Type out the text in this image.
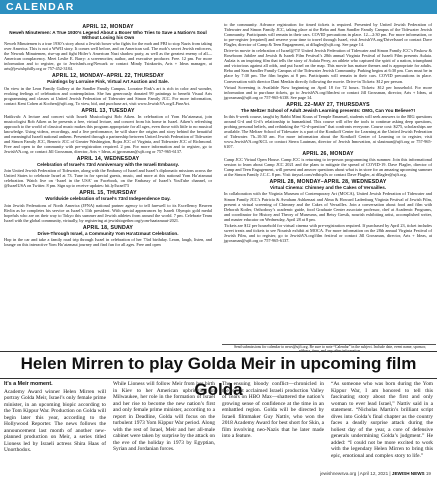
CALENDAR
APRIL 12, MONDAY
Neweh Minutemen: A True 1930’s Legend About a Boxer Who Tries to Save a Nation’s Soul Without Losing his Own

Neweh Minutemen is a true 1930’s story about a Jewish boxer who fights for the mob and FBI to stop Nazis from taking over America. This is not a WWII story. It comes well before, and on American soil. The mob’s secret Jewish enforcers, the Newark Minutemen, rise-up and fight Hitler’s American Nazi shadow party, as well as the greatest enemy of all—American complacency. Meet Leslie E. Barry: a screenwriter, author, and executive producer. Free. 12 pm. For more information and to register, go to Jewishnfs.org/Newark or contact Mindy Tsinkavits, Arts + Ideas manager, at arts@jewishphilly.org or 757-452-3184.

APRIL 12, MONDAY–APRIL 22, THURSDAY
Paintings by Lorraine Fink, Virtual Art Auction and Sale.

On view in the Leon Family Gallery at the Sandler Family Campus. Lorraine Fink’s art is rich in color and wonder, evoking feelings of celebration and contemplation. She has generously donated 99 paintings to benefit Visual Arts programming and classes at United Jewish Federation of Tidewater and Simon Family JCC. For more information, contact Kent Cohen at Kcohen@ujft.org. To view, bid, and purchase art, visit www.JewishVA.org/LFineArt.

APRIL 13, TUESDAY

Hatikvah: A lecture and concert with Israeli Musicologist Rob Aiken. In celebration of Yom Ha’atzmaut, join musicologist Rob Aiken as he presents a free, virtual lecture, and concert from his home in Israel. Aiken’s refreshing approach to the world of classical music makes this program appropriate for all ages, even those with little to no musical knowledge. Using videos, recordings, and a live performance, he will share the origins and story behind the beautiful and meaningful Israeli national anthem. Presented through a partnership between United Jewish Federation of Tidewater and Simon Family JCC, Beneric JCC of Greater Washington, Rojas JCC of Virginia, and Tidewater JCC of Richmond. Free and open to the community with pre-registration required. 2 pm. For more information and to register, go to JewishVA.org, or contact Jill Grossman, director, Arts + Ideas, at jgrossman@ujft.org or 757-965-6137.

APRIL 14, WEDNESDAY
Celebration of Israel’s 73rd Anniversary with the Israeli Embassy.

Join United Jewish Federation of Tidewater, along with the Embassy of Israel and Israel’s diplomatic missions across the United States to celebrate Israel at 73. Tune in for special guests, music, and more at this national Yom Ha’atzmaut celebration. Watch live on ‘Israel in the USA’ on Facebook, on the Embassy of Israel’s YouTube channel, or @IsraelUSA on Twitter. 8 pm. Sign up to receive updates: bit.ly/Israel73

APRIL 15, THURSDAY
Worldwide celebration of Israel’s 73rd Independence Day.

Join Jewish Federations of North America (JFNA) national partner agency to tell farewell to its Excellency Reuven Rivlin as he completes his service as Israel’s 11th president. With special appearances by Israeli Olympic gold medal hopefuls who are on their way to Tokyo this summer and Jewish athletes from around the world. 7 pm. Celebrate Team Israel with the global community, virtually, by registering at jewishtogether.org/yom-haatzmaut-2021.

APRIL 18, SUNDAY
Drive-Through Israel, a Community Yom Ha’atzmaut Celebration.

Hop in the car and take a family road trip through Israel in celebration of her 73rd birthday. Learn, laugh, listen, and lounge on this interactive Yom Ha’atzmaut journey and find fun for all ages. Free and open

to the community. Advance registration for timed tickets is required. Presented by United Jewish Federation of Tidewater and Simon Family JCC, taking place at the Reba and Sam Sandler Family Campus of the Tidewater Jewish Community. Participants will remain in their cars. COVID precautions in place. 12—2:30 pm. For more information, or to pre-register (required) and reserve your time to travel through Israel, visit JewishVA.org/DriveIsrael or contact Dave Flagler, director of Camp & Teen Engagement, at dflagler@ujft.org. See page 14.

Drive-in movie in celebration of Israel@73! United Jewish Federation of Tidewater and Simon Family JCC’s Paskow & Roseboom Jubilee and Jewish & Israeli Film Festival’s 28th annual Virginia Festival of Israeli Film presents Aulaia. Aulaia is an inspiring film that tells the story of Aulaia Perry, an athlete who captured the spirit of a nation, triumphant and victorious against all odds, and put Israel on the map. This movie has mature themes and is appropriate for adults. Reba and Sam Sandler Family Campus of the Tidewater Jewish Community. Parking begins at 6:30 pm. Cars must be in place by 7:30 pm. The film begins at 8 pm. Participants will remain in their cars. COVID precautions in place. Conversation with director Dani Menkin directly following the movie. Drive-in Tickets: $12 per person.

Virtual Screening is Available Now beginning on April 18 for 72 hours. Tickets: $12 per household. For more information and to purchase tickets, go to JewishVA.org/filmfest or contact Jill Grossman, director, Arts + Ideas, at jgrossman@ujft.org or 757-965-6138. See page 14.

APRIL 22–MAY 27, THURSDAYS
The Meltzer School of Adult Jewish Learning presents: OMG, Can You Believe?!

In this 6-week course, taught by Rabbi Mimi Kraus of Temple Emanuel, students will seek answers to the BIG questions around G-d and G-d’s relationship to humankind. This course will offer the tools to continue asking deep questions, probing personal beliefs, and rethinking the “G-d-question” that confronts everyone. Course cost: $275, scholarships are available. The Meltzer School of Tidewater is a part of the Konikoff Center for Learning at the United Jewish Federation of Tidewater. 7h–10:30 am. For more information about the Konikoff Center of Learning or to register, visit www.JewishVA.org/KCL or contact Sierra Lautman, director of Jewish Innovation, at slautman@ujft.org or 757-965-6107.

APRIL 26, MONDAY

Camp JCC Virtual Open House. Camp JCC is returning to in-person programming this summer. Join this informational session to learn about Camp JCC 2021 and the plans to mitigate the spread of COVID-19. Dave Flagler, director of Camp and Teen Engagement, will present and answer questions about what is in store for an amazing upcoming summer at the Simon Family J.C.C. 8 pm. Visit tinyurl.com/edhicp5s or contact Dave Flagler, at dflagler@ujft.org.

APRIL 28, MONDAY–APRIL 28, WEDNESDAY
Virtual Cinema: Chimney and the Cakes of Versailles.

In collaboration with the Virginia Museum of Contemporary Art (MOCA), United Jewish Federation of Tidewater and Simon Family JCC’s Patricia & Avraham Ashkenazi and Alma & Howard Ladenburg Virginia Festival of Jewish Film, present a virtual screening of Chimney and the Cakes of Versailles. Join a conversation about food and film with Deborah Kotler, Orthodoxy’s academic guide, food Graduate Center associate professor, chef at Academic Programs, and coordinator for History and Theory of Museums, and Betsy Gresik, nourish exhibiting artist, accomplished writer, and master educator on Wednesday, April 28 at 8 pm.

Tickets are $12 per household for virtual cinema with pre-registration required. If purchased by April 23, ticket includes sweet treats and tickets to see Nourish exhibit at MOCA. For more information on the 28th annual Virginia Festival of Jewish Film, and to register, go to JewishVA.org/film festival or contact Jill Grossman, director, Arts + Ideas, at jgrossman@ujft.org or 757-965-6137.

Send submissions for calendar to news@ujft.org. Be sure to note “Calendar” in the subject. Include date, event name, sponsor, address, time, and any other information.
Helen Mirren to play Golda Meir in upcoming film Golda

It’s a Meir moment.

Academy Award winner Helen Mirren will portray Golda Meir, Israel’s only female prime minister, in an upcoming biopic according to the Tom Kippur War. Production on Golda will begin later this year, according to the Hollywood Reporter. The news follows the announcement last month of another new-planned production on Meir, a series titled Lioness led by Israeli actress Shira Haas of Unorthodox.

While Lioness will follow Meir from her birth in Kiev to her American upbringing in Milwaukee, her role in the formation of Israel and her rise to become the new nation’s first and only female prime minister, according to a report in Deadline, Golda will focus on the turbulent 1973 Yom Kippur War period. Along with the rest of Israel, Meir and her all-male cabinet were taken by surprise by the attack on the eve of the holiday in 1973 by Egyptian, Syrian and Jordanian forces.

The ensuing bloody conflict—chronicled in the recent acclaimed Israeli production Valley of Tears on HBO Max—shattered the nation’s growing sense of confidence at the time in an embattled region. Golda will be directed by Israeli filmmaker Guy Nattiv, who won the 2018 Academy Award for best short for Skin, a film involving neo-Nazis that he later made into a feature.

“As someone who was born during the Yom Kippur War, I am honored to tell this fascinating story about the first and only woman to ever lead Israel,” Nattiv said in a statement. “Nicholas Martin’s brilliant script dives into Golda’s final chapter as the country faces a deadly surprise attack during the holiest day of the year, a core of defensive generals undermining Golda’s judgment.” He added: “I could not be more excited to work with the legendary Helen Mirren to bring this epic, emotional and complex story to life.”

jewishnewsva.org | April 12, 2021 | JEWISH NEWS 19
